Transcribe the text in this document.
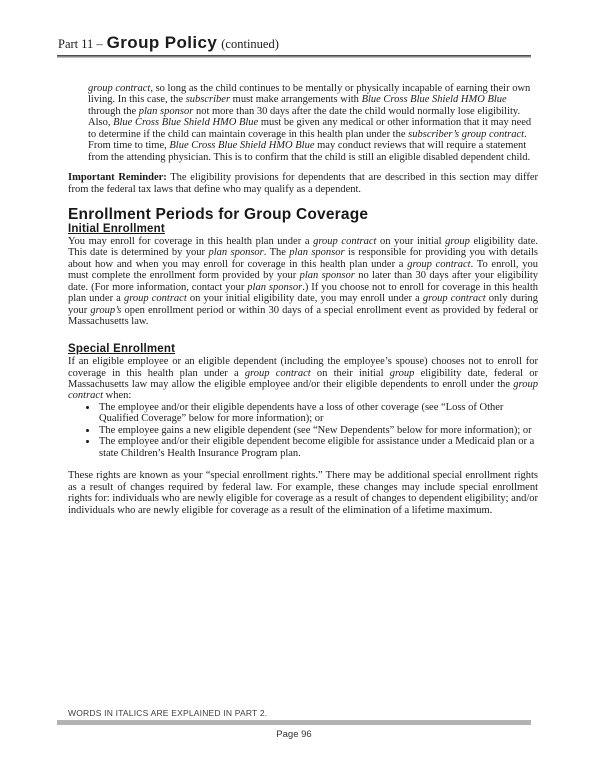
Part 11 – Group Policy (continued)

group contract, so long as the child continues to be mentally or physically incapable of earning their own living. In this case, the subscriber must make arrangements with Blue Cross Blue Shield HMO Blue through the plan sponsor not more than 30 days after the date the child would normally lose eligibility. Also, Blue Cross Blue Shield HMO Blue must be given any medical or other information that it may need to determine if the child can maintain coverage in this health plan under the subscriber’s group contract. From time to time, Blue Cross Blue Shield HMO Blue may conduct reviews that will require a statement from the attending physician. This is to confirm that the child is still an eligible disabled dependent child.

Important Reminder: The eligibility provisions for dependents that are described in this section may differ from the federal tax laws that define who may qualify as a dependent.

Enrollment Periods for Group Coverage
Initial Enrollment

You may enroll for coverage in this health plan under a group contract on your initial group eligibility date. This date is determined by your plan sponsor. The plan sponsor is responsible for providing you with details about how and when you may enroll for coverage in this health plan under a group contract. To enroll, you must complete the enrollment form provided by your plan sponsor no later than 30 days after your eligibility date. (For more information, contact your plan sponsor.) If you choose not to enroll for coverage in this health plan under a group contract on your initial eligibility date, you may enroll under a group contract only during your group’s open enrollment period or within 30 days of a special enrollment event as provided by federal or Massachusetts law.

Special Enrollment

If an eligible employee or an eligible dependent (including the employee’s spouse) chooses not to enroll for coverage in this health plan under a group contract on their initial group eligibility date, federal or Massachusetts law may allow the eligible employee and/or their eligible dependents to enroll under the group contract when:

• The employee and/or their eligible dependents have a loss of other coverage (see “Loss of Other Qualified Coverage” below for more information); or
• The employee gains a new eligible dependent (see “New Dependents” below for more information); or
• The employee and/or their eligible dependent become eligible for assistance under a Medicaid plan or a state Children’s Health Insurance Program plan.

These rights are known as your “special enrollment rights.” There may be additional special enrollment rights as a result of changes required by federal law. For example, these changes may include special enrollment rights for: individuals who are newly eligible for coverage as a result of changes to dependent eligibility; and/or individuals who are newly eligible for coverage as a result of the elimination of a lifetime maximum.

WORDS IN ITALICS ARE EXPLAINED IN PART 2.
Page 96
